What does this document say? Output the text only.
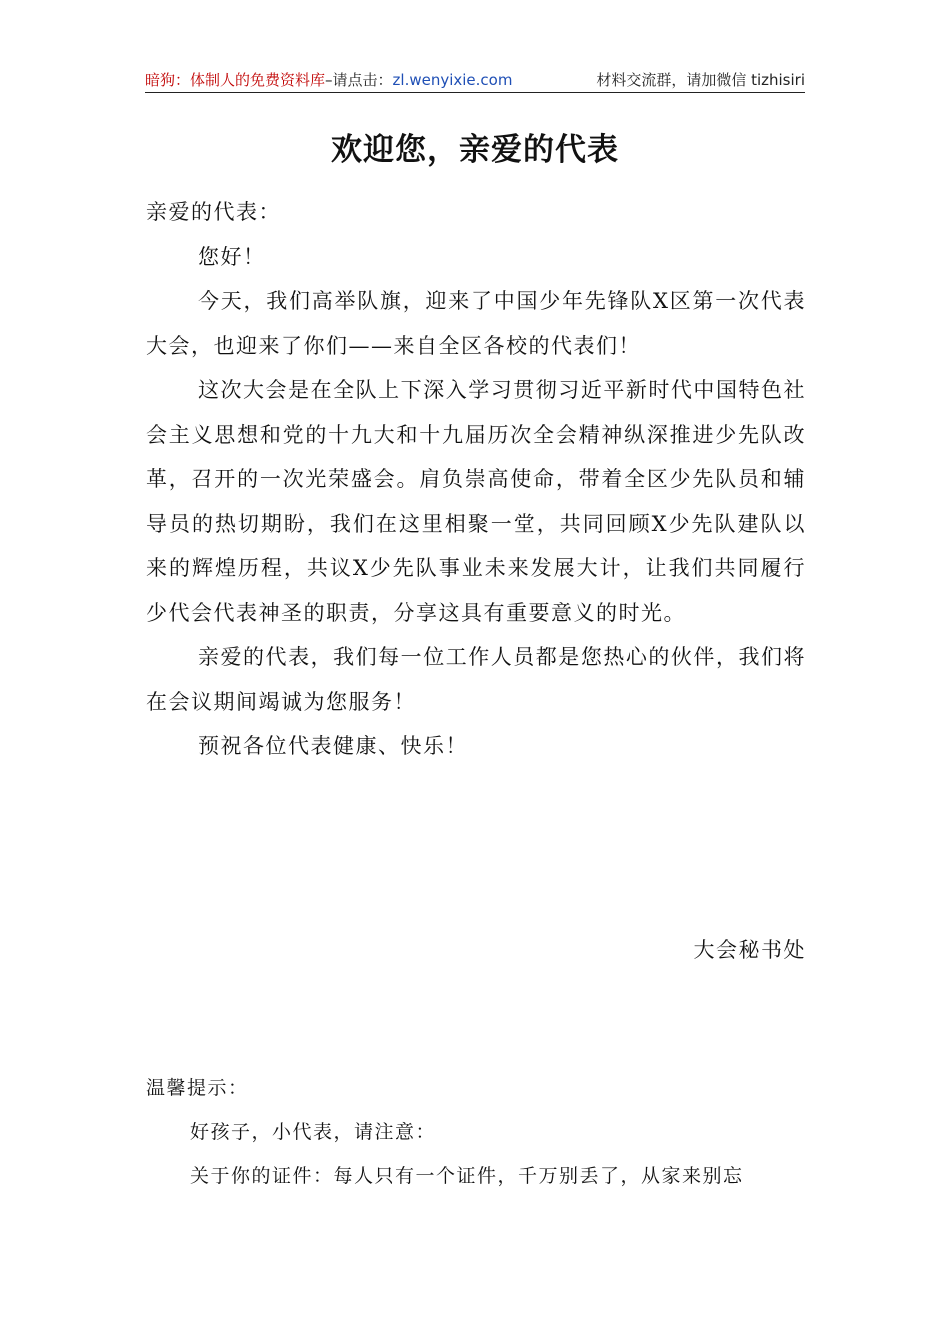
暗狗：体制人的免费资料库–请点击：zl.wenyixie.com	材料交流群，请加微信 tizhisiri
欢迎您，亲爱的代表

亲爱的代表：

您好！

今天，我们高举队旗，迎来了中国少年先锋队X区第一次代表大会，也迎来了你们——来自全区各校的代表们！

这次大会是在全队上下深入学习贯彻习近平新时代中国特色社会主义思想和党的十九大和十九届历次全会精神纵深推进少先队改革，召开的一次光荣盛会。肩负崇高使命，带着全区少先队员和辅导员的热切期盼，我们在这里相聚一堂，共同回顾X少先队建队以来的辉煌历程，共议X少先队事业未来发展大计，让我们共同履行少代会代表神圣的职责，分享这具有重要意义的时光。

亲爱的代表，我们每一位工作人员都是您热心的伙伴，我们将在会议期间竭诚为您服务！

预祝各位代表健康、快乐！

大会秘书处

温馨提示：

好孩子，小代表，请注意：

关于你的证件：每人只有一个证件，千万别丢了，从家来别忘
